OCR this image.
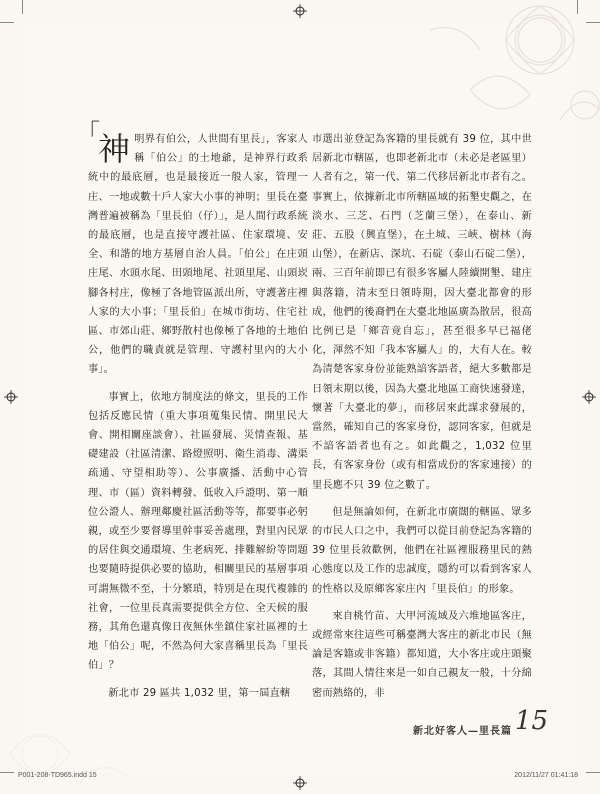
「
神 明界有伯公，人世間有里長」，客家人稱「伯公」的土地爺，是神界行政系統中的最底層，也是最接近一般人家，管理一庄、一地或數十戶人家大小事的神明；里長在臺灣普遍被稱為「里長伯（仔）」，是人間行政系統的最底層，也是直接守護社區、住家環境、安全、和諧的地方基層自治人員。「伯公」在庄頭庄尾、水頭水尾、田頭地尾、社頭里尾、山頭崁腳各村庄，像極了各地管區派出所，守護著庄裡人家的大小事；「里長伯」在城市街坊、住宅社區、市郊山莊、鄉野散村也像極了各地的土地伯公，他們的職責就是管理、守護村里內的大小事」。

事實上，依地方制度法的條文，里長的工作包括反應民情（重大事項蒐集民情、開里民大會、開相關座談會）、社區發展、災情查報、基礎建設（社區清潔、路燈照明、衛生消毒、溝渠疏通、守望相助等）、公事廣播、活動中心管理、市（區）資料轉發、低收入戶證明、第一順位公證人、辦理鄰慶社區活動等等，都要事必躬親，或至少要督導里幹事妥善處理，對里內民眾的居住與交通環境、生老病死、排難解紛等問題也要隨時提供必要的協助，相關里民的基層事項可謂無微不至，十分繁瑣，特別是在現代複雜的社會，一位里長真需要提供全方位、全天候的服務，其角色還真像日夜無休坐鎮住家社區裡的土地「伯公」呢，不然為何大家喜稱里長為「里長伯」？

新北市 29 區共 1,032 里，第一屆直轄

市選出並登記為客籍的里長就有 39 位，其中世居新北市轄區，也即老新北市（未必是老區里）人者有之，第一代、第二代移居新北市者有之。事實上，依據新北市所轄區域的拓墾史觀之，在淡水、三芝、石門（芝蘭三堡），在泰山、新莊、五股（興直堡），在土城、三峽、樹林（海山堡），在新店、深坑、石碇（泰山石碇二堡），兩、三百年前即已有很多客屬人陸續開墾、建庄與落籍，清末至日領時期，因大臺北都會的形成，他們的後裔們在大臺北地區廣為散居，很高比例已是「鄉音竟自忘」，甚至很多早已福佬化，渾然不知「我本客屬人」的，大有人在。較為清楚客家身份並能熟諳客語者，絕大多數都是日領末期以後，因為大臺北地區工商快速發達，懷著「大臺北的夢」，而移居來此謀求發展的，當然，確知自己的客家身份，認同客家，但就是不諳客語者也有之。如此觀之，1,032 位里長，有客家身份（或有相當成份的客家連接）的里長應不只 39 位之數了。

但是無論如何，在新北市廣闊的轄區、眾多的市民人口之中，我們可以從目前登記為客籍的 39 位里長敘歡例，他們在社區裡服務里民的熱心態度以及工作的忠誠度，隱約可以看到客家人的性格以及原鄉客家庄內「里長伯」的形象。

來自桃竹苗、大甲河流域及六堆地區客庄，或經常來往這些可稱臺灣大客庄的新北市民（無論是客籍或非客籍）都知道，大小客庄或庄頭聚落，其間人情往來是一如自己親友一般，十分綿密而熱絡的，非

新北好客人—里長篇 15
P001-208-TD965.indd 15	2012/11/27 01:41:18
